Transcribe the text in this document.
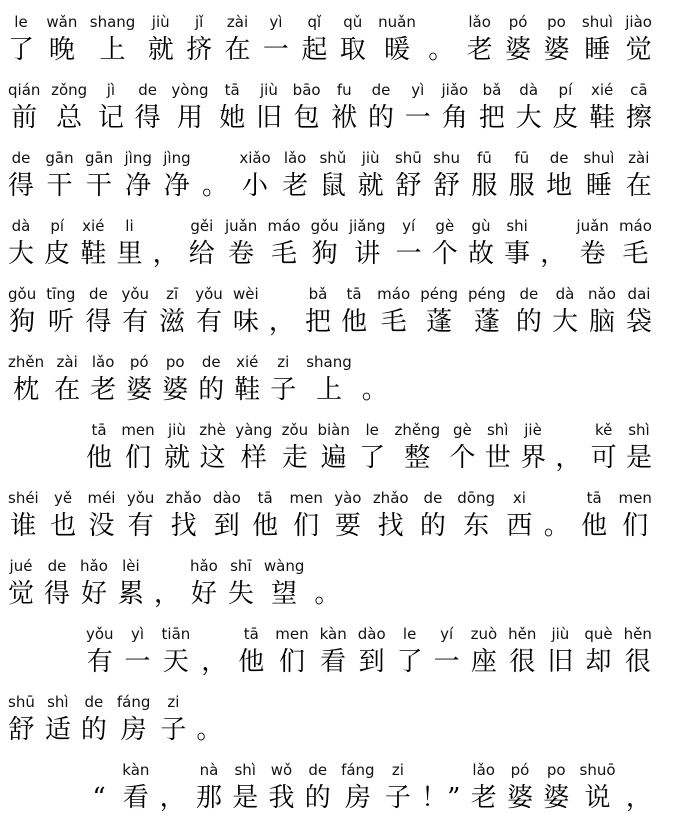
le
了
wǎn
晚
shang
上
jiù
就
jǐ
挤
zài
在
yì
一
qǐ
起
qǔ
取
nuǎn
暖 。
lǎo
老
pó
婆
po
婆
shuì
睡
jiào
觉
qián
前
zǒng
总
jì
记
de
得
yòng
用
tā
她
jiù
旧
bāo
包
fu
袱
de
的
yì
一
jiǎo
角
bǎ
把
dà
大
pí
皮
xié
鞋
cā
擦
de
得
gān
干
gān
干
jìng
净
jìng
净 。
xiǎo
小
lǎo
老
shǔ
鼠
jiù
就
shū
舒
shu
舒
fū
服
fū
服
de
地
shuì
睡
zài
在
dà
大
pí
皮
xié
鞋
li
里 ，
gěi
给
juǎn
卷
máo
毛
gǒu
狗
jiǎng
讲
yí
一
gè
个
gù
故
shi
事 ，
juǎn
卷
máo
毛
gǒu
狗
tīng
听
de
得
yǒu
有
zī
滋
yǒu
有
wèi
味 ，
bǎ
把
tā
他
máo
毛
péng
蓬
péng
蓬
de
的
dà
大
nǎo
脑
dai
袋
zhěn
枕
zài
在
lǎo
老
pó
婆
po
婆
de
的
xié
鞋
zi
子
shang
上 。
tā
他
men
们
jiù
就
zhè
这
yàng
样
zǒu
走
biàn
遍
le
了
zhěng
整
gè
个
shì
世
jiè
界 ，
kě
可
shì
是
shéi
谁
yě
也
méi
没
yǒu
有
zhǎo
找
dào
到
tā
他
men
们
yào
要
zhǎo
找
de
的
dōng
东
xi
西 。
tā
他
men
们
jué
觉
de
得
hǎo
好
lèi
累 ，
hǎo
好
shī
失
wàng
望 。
yǒu
有
yì
一
tiān
天 ，
tā
他
men
们
kàn
看
dào
到
le
了
yí
一
zuò
座
hěn
很
jiù
旧
què
却
hěn
很
shū
舒
shì
适
de
的
fáng
房
zi
子 。
“
kàn
看 ，
nà
那
shì
是
wǒ
我
de
的
fáng
房
zi
子 ！”
lǎo
老
pó
婆
po
婆
shuō
说 ，
